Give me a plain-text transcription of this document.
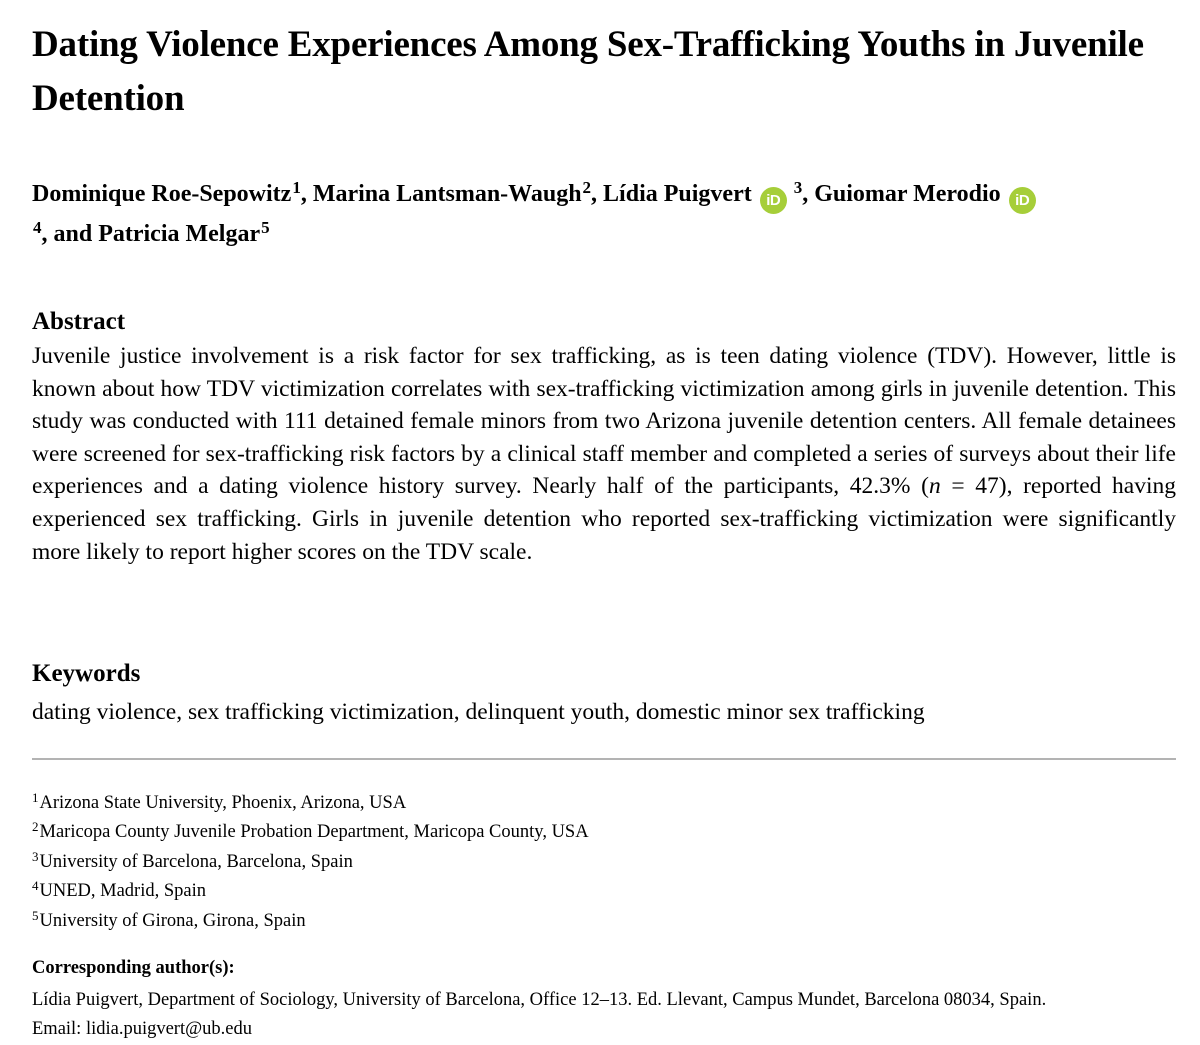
Dating Violence Experiences Among Sex-Trafficking Youths in Juvenile Detention
Dominique Roe-Sepowitz$^1$, Marina Lantsman-Waugh$^2$, Lídia Puigvert $iD^3$, Guiomar Merodio $iD^4$, and Patricia Melgar$^5$
Abstract

Juvenile justice involvement is a risk factor for sex trafficking, as is teen dating violence (TDV). However, little is known about how TDV victimization correlates with sex-trafficking victimization among girls in juvenile detention. This study was conducted with 111 detained female minors from two Arizona juvenile detention centers. All female detainees were screened for sex-trafficking risk factors by a clinical staff member and completed a series of surveys about their life experiences and a dating violence history survey. Nearly half of the participants, 42.3% (n = 47), reported having experienced sex trafficking. Girls in juvenile detention who reported sex-trafficking victimization were significantly more likely to report higher scores on the TDV scale.

Keywords

dating violence, sex trafficking victimization, delinquent youth, domestic minor sex trafficking

$^1$Arizona State University, Phoenix, Arizona, USA
$^2$Maricopa County Juvenile Probation Department, Maricopa County, USA
$^3$University of Barcelona, Barcelona, Spain
$^4$UNED, Madrid, Spain
$^5$University of Girona, Girona, Spain
Corresponding author(s):

Lídia Puigvert, Department of Sociology, University of Barcelona, Office 12–13. Ed. Llevant, Campus Mundet, Barcelona 08034, Spain.
Email: lidia.puigvert@ub.edu
